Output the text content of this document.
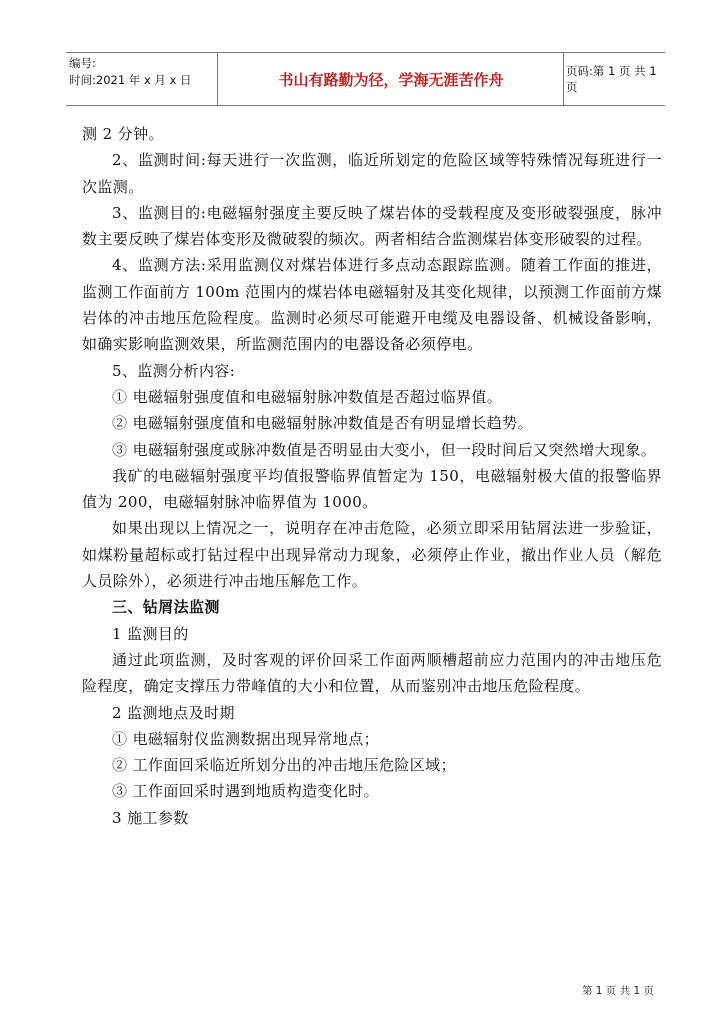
编号:
时间:2021 年 x 月 x 日	书山有路勤为径，学海无涯苦作舟	页码:第 1 页 共 1 页

测 2 分钟。

2、监测时间:每天进行一次监测，临近所划定的危险区域等特殊情况每班进行一次监测。

3、监测目的:电磁辐射强度主要反映了煤岩体的受载程度及变形破裂强度，脉冲数主要反映了煤岩体变形及微破裂的频次。两者相结合监测煤岩体变形破裂的过程。

4、监测方法:采用监测仪对煤岩体进行多点动态跟踪监测。随着工作面的推进，监测工作面前方 100m 范围内的煤岩体电磁辐射及其变化规律，以预测工作面前方煤岩体的冲击地压危险程度。监测时必须尽可能避开电缆及电器设备、机械设备影响，如确实影响监测效果，所监测范围内的电器设备必须停电。

5、监测分析内容:

① 电磁辐射强度值和电磁辐射脉冲数值是否超过临界值。

② 电磁辐射强度值和电磁辐射脉冲数值是否有明显增长趋势。

③ 电磁辐射强度或脉冲数值是否明显由大变小，但一段时间后又突然增大现象。

我矿的电磁辐射强度平均值报警临界值暂定为 150，电磁辐射极大值的报警临界值为 200，电磁辐射脉冲临界值为 1000。

如果出现以上情况之一，说明存在冲击危险，必须立即采用钻屑法进一步验证，如煤粉量超标或打钻过程中出现异常动力现象，必须停止作业，撤出作业人员（解危人员除外），必须进行冲击地压解危工作。

三、钻屑法监测

1 监测目的

通过此项监测，及时客观的评价回采工作面两顺槽超前应力范围内的冲击地压危险程度，确定支撑压力带峰值的大小和位置，从而鉴别冲击地压危险程度。

2 监测地点及时期

① 电磁辐射仪监测数据出现异常地点；

② 工作面回采临近所划分出的冲击地压危险区域；

③ 工作面回采时遇到地质构造变化时。

3 施工参数

第 1 页 共 1 页
